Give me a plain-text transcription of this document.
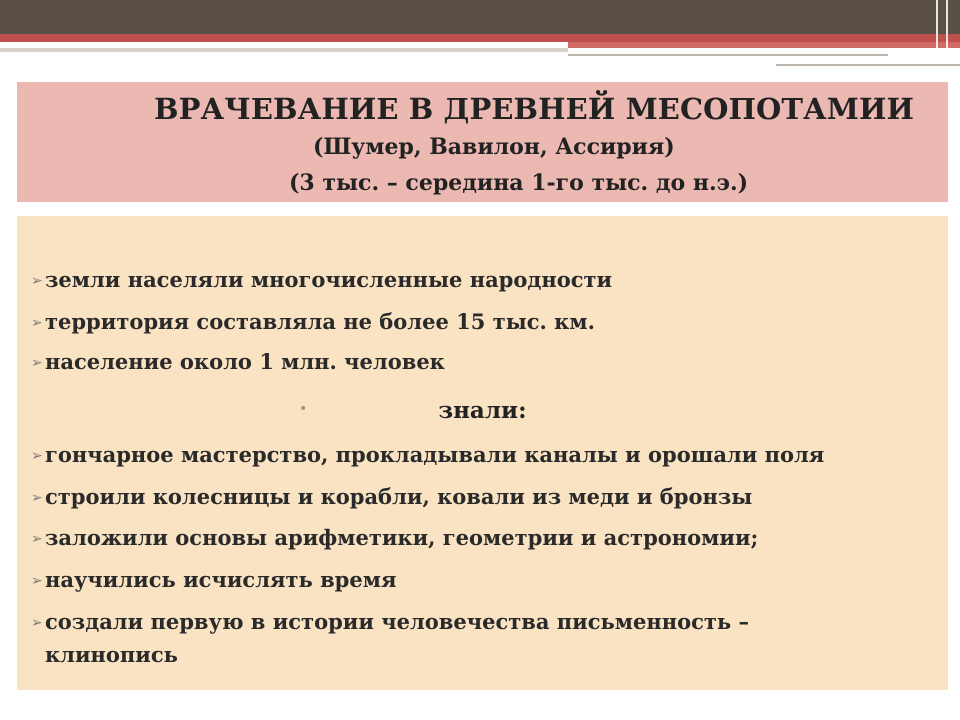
ВРАЧЕВАНИЕ В ДРЕВНЕЙ МЕСОПОТАМИИ
(Шумер, Вавилон, Ассирия)
(3 тыс. – середина 1-го тыс. до н.э.)
➢ земли населяли многочисленные народности
➢ территория составляла не более 15 тыс. км.
➢ население около 1 млн. человек
•	знали:
➢ гончарное мастерство, прокладывали каналы и орошали поля
➢ строили колесницы и корабли, ковали из меди и бронзы
➢ заложили основы арифметики, геометрии и астрономии;
➢ научились исчислять время
➢ создали первую в истории человечества письменность –
клинопись
